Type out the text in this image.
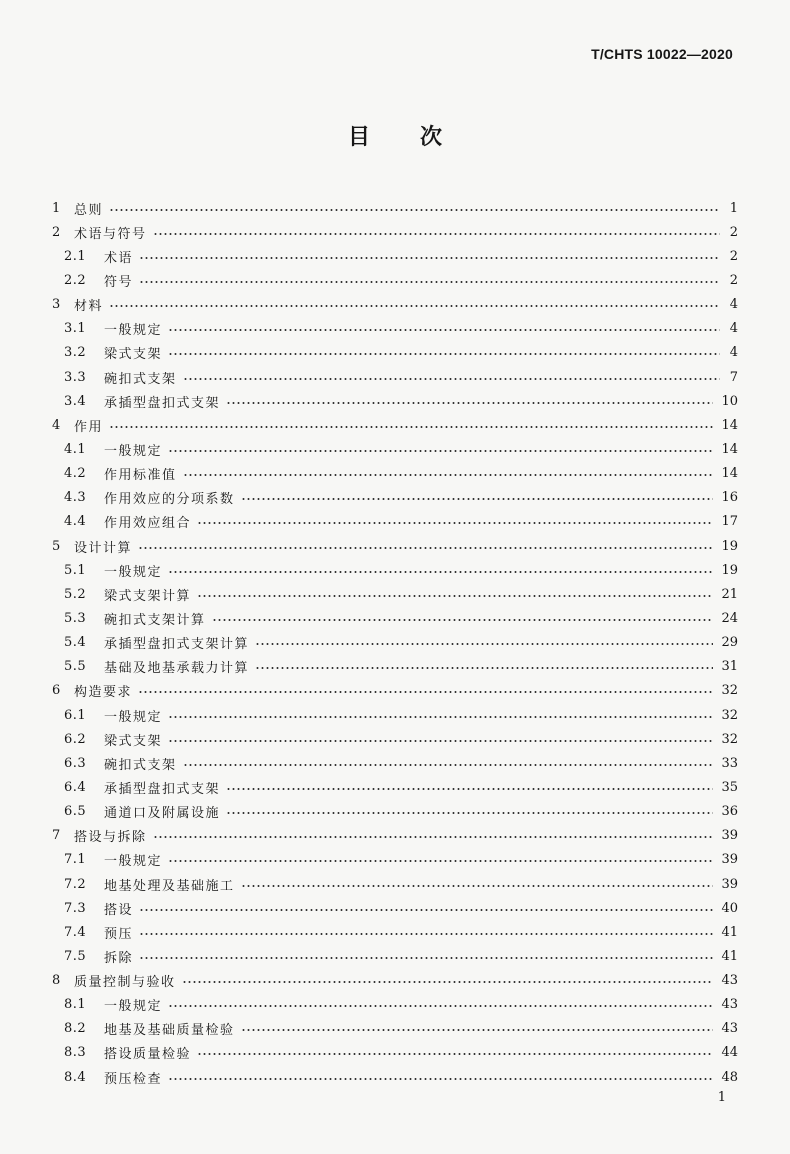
T/CHTS 10022—2020
目 次
1	总则	1
2	术语与符号	2
2.1	术语	2
2.2	符号	2
3	材料	4
3.1	一般规定	4
3.2	梁式支架	4
3.3	碗扣式支架	7
3.4	承插型盘扣式支架	10
4	作用	14
4.1	一般规定	14
4.2	作用标准值	14
4.3	作用效应的分项系数	16
4.4	作用效应组合	17
5	设计计算	19
5.1	一般规定	19
5.2	梁式支架计算	21
5.3	碗扣式支架计算	24
5.4	承插型盘扣式支架计算	29
5.5	基础及地基承载力计算	31
6	构造要求	32
6.1	一般规定	32
6.2	梁式支架	32
6.3	碗扣式支架	33
6.4	承插型盘扣式支架	35
6.5	通道口及附属设施	36
7	搭设与拆除	39
7.1	一般规定	39
7.2	地基处理及基础施工	39
7.3	搭设	40
7.4	预压	41
7.5	拆除	41
8	质量控制与验收	43
8.1	一般规定	43
8.2	地基及基础质量检验	43
8.3	搭设质量检验	44
8.4	预压检查	48
1
